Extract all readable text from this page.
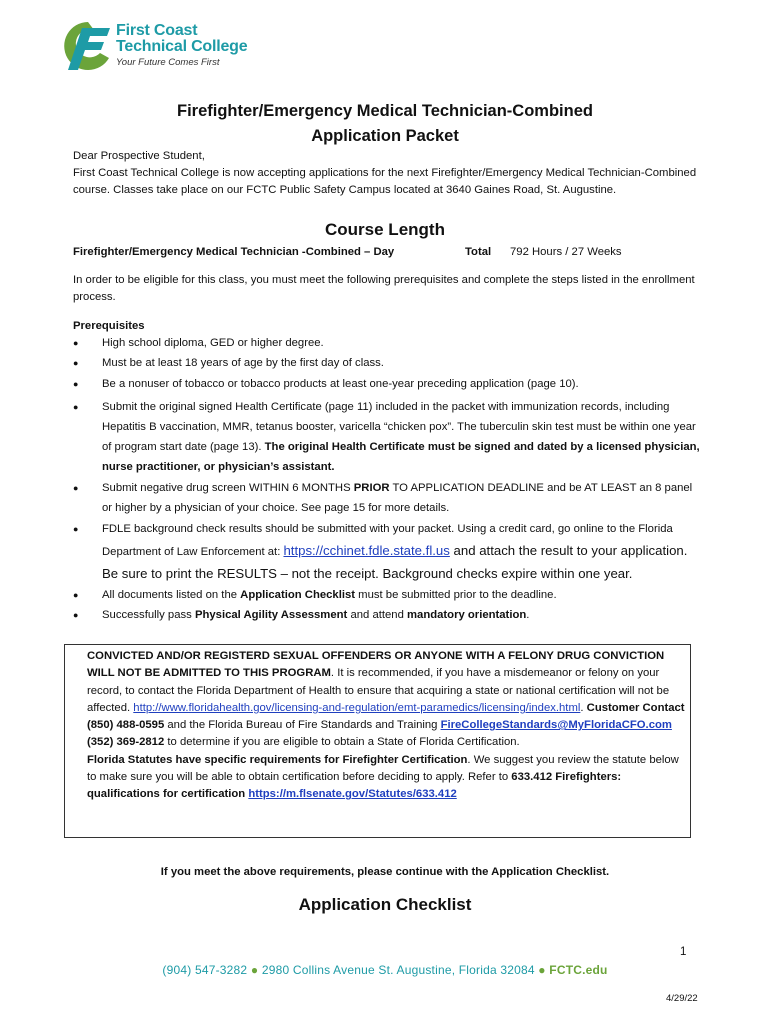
First Coast
Technical College
Your Future Comes First
Firefighter/Emergency Medical Technician-Combined
Application Packet
Dear Prospective Student,
First Coast Technical College is now accepting applications for the next Firefighter/Emergency Medical Technician-Combined course. Classes take place on our FCTC Public Safety Campus located at 3640 Gaines Road, St. Augustine.
Course Length
Firefighter/Emergency Medical Technician -Combined – Day	Total 792 Hours / 27 Weeks
In order to be eligible for this class, you must meet the following prerequisites and complete the steps listed in the enrollment process.
Prerequisites
● High school diploma, GED or higher degree.
● Must be at least 18 years of age by the first day of class.
● Be a nonuser of tobacco or tobacco products at least one-year preceding application (page 10).
● Submit the original signed Health Certificate (page 11) included in the packet with immunization records, including Hepatitis B vaccination, MMR, tetanus booster, varicella “chicken pox”. The tuberculin skin test must be within one year of program start date (page 13). The original Health Certificate must be signed and dated by a licensed physician, nurse practitioner, or physician’s assistant.
● Submit negative drug screen WITHIN 6 MONTHS PRIOR TO APPLICATION DEADLINE and be AT LEAST an 8 panel or higher by a physician of your choice. See page 15 for more details.
● FDLE background check results should be submitted with your packet. Using a credit card, go online to the Florida Department of Law Enforcement at: https://cchinet.fdle.state.fl.us and attach the result to your application. Be sure to print the RESULTS – not the receipt. Background checks expire within one year.
● All documents listed on the Application Checklist must be submitted prior to the deadline.
● Successfully pass Physical Agility Assessment and attend mandatory orientation.
CONVICTED AND/OR REGISTERD SEXUAL OFFENDERS OR ANYONE WITH A FELONY DRUG CONVICTION WILL NOT BE ADMITTED TO THIS PROGRAM. It is recommended, if you have a misdemeanor or felony on your record, to contact the Florida Department of Health to ensure that acquiring a state or national certification will not be affected. http://www.floridahealth.gov/licensing-and-regulation/emt-paramedics/licensing/index.html. Customer Contact (850) 488-0595 and the Florida Bureau of Fire Standards and Training FireCollegeStandards@MyFloridaCFO.com (352) 369-2812 to determine if you are eligible to obtain a State of Florida Certification.
Florida Statutes have specific requirements for Firefighter Certification. We suggest you review the statute below to make sure you will be able to obtain certification before deciding to apply. Refer to 633.412 Firefighters: qualifications for certification https://m.flsenate.gov/Statutes/633.412
If you meet the above requirements, please continue with the Application Checklist.
Application Checklist
1
(904) 547-3282 ● 2980 Collins Avenue St. Augustine, Florida 32084 ● FCTC.edu
4/29/22
